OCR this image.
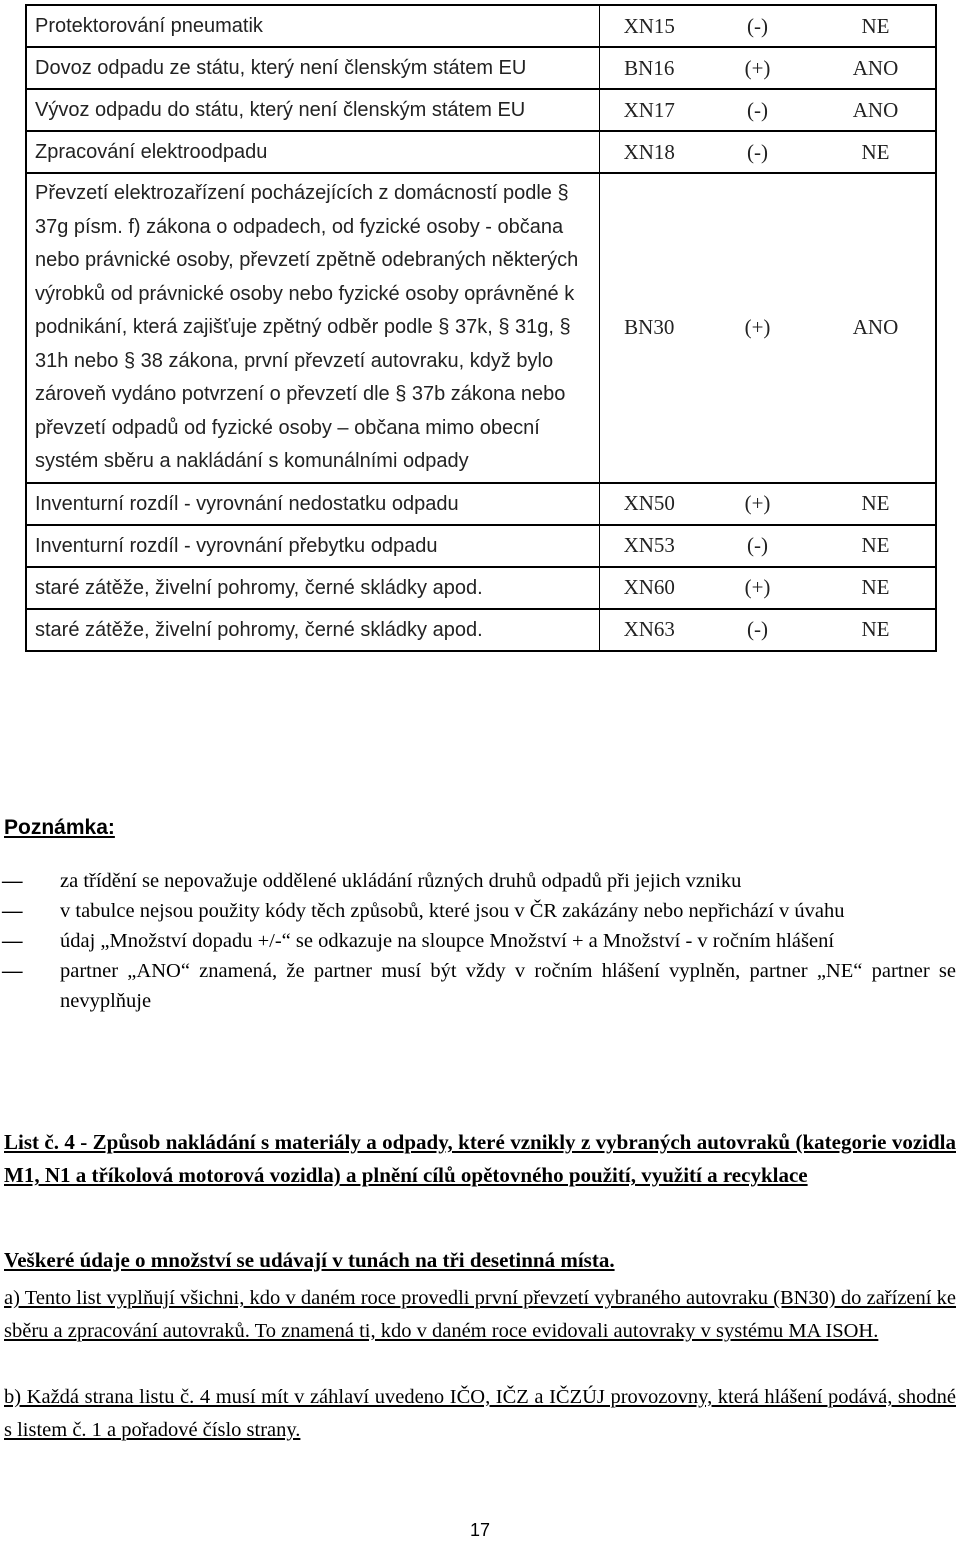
Protektorování pneumatik	XN15	(-)	NE
Dovoz odpadu ze státu, který není členským státem EU	BN16	(+)	ANO
Vývoz odpadu do státu, který není členským státem EU	XN17	(-)	ANO
Zpracování elektroodpadu	XN18	(-)	NE
Převzetí elektrozařízení pocházejících z domácností podle § 37g písm. f) zákona o odpadech, od fyzické osoby - občana nebo právnické osoby, převzetí zpětně odebraných některých výrobků od právnické osoby nebo fyzické osoby oprávněné k podnikání, která zajišťuje zpětný odběr podle § 37k, § 31g, § 31h nebo § 38 zákona, první převzetí autovraku, když bylo zároveň vydáno potvrzení o převzetí dle § 37b zákona nebo převzetí odpadů od fyzické osoby – občana mimo obecní systém sběru a nakládání s komunálními odpady	BN30	(+)	ANO
Inventurní rozdíl - vyrovnání nedostatku odpadu	XN50	(+)	NE
Inventurní rozdíl - vyrovnání přebytku odpadu	XN53	(-)	NE
staré zátěže, živelní pohromy, černé skládky apod.	XN60	(+)	NE
staré zátěže, živelní pohromy, černé skládky apod.	XN63	(-)	NE
Poznámka:
—	za třídění se nepovažuje oddělené ukládání různých druhů odpadů při jejich vzniku
—	v tabulce nejsou použity kódy těch způsobů, které jsou v ČR zakázány nebo nepřichází v úvahu
—	údaj „Množství dopadu +/-“ se odkazuje na sloupce Množství + a Množství - v ročním hlášení
—	partner „ANO“ znamená, že partner musí být vždy v ročním hlášení vyplněn, partner „NE“ partner se nevyplňuje
List č. 4 - Způsob nakládání s materiály a odpady, které vznikly z vybraných autovraků (kategorie vozidla M1, N1 a tříkolová motorová vozidla) a plnění cílů opětovného použití, využití a recyklace
Veškeré údaje o množství se udávají v tunách na tři desetinná místa.
a) Tento list vyplňují všichni, kdo v daném roce provedli první převzetí vybraného autovraku (BN30) do zařízení ke sběru a zpracování autovraků. To znamená ti, kdo v daném roce evidovali autovraky v systému MA ISOH.
b) Každá strana listu č. 4 musí mít v záhlaví uvedeno IČO, IČZ a IČZÚJ provozovny, která hlášení podává, shodné s listem č. 1 a pořadové číslo strany.
17
